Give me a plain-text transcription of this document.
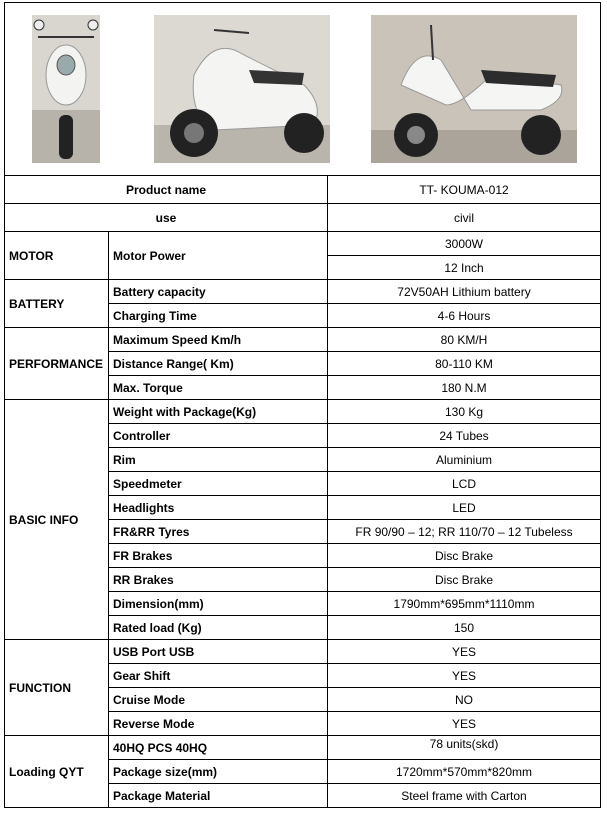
Product name		TT- KOUMA-012
use		civil
MOTOR	Motor Power	3000W
		12 Inch
BATTERY	Battery capacity	72V50AH Lithium battery
	Charging Time	4-6 Hours
PERFORMANCE	Maximum Speed Km/h	80 KM/H
	Distance Range( Km)	80-110 KM
	Max. Torque	180 N.M
BASIC INFO	Weight with Package(Kg)	130 Kg
	Controller	24 Tubes
	Rim	Aluminium
	Speedmeter	LCD
	Headlights	LED
	FR&RR Tyres	FR 90/90 – 12; RR 110/70 – 12 Tubeless
	FR Brakes	Disc Brake
	RR Brakes	Disc Brake
	Dimension(mm)	1790mm*695mm*1110mm
	Rated load (Kg)	150
FUNCTION	USB Port USB	YES
	Gear Shift	YES
	Cruise Mode	NO
	Reverse Mode	YES
Loading QYT	40HQ PCS 40HQ	78 units(skd)
	Package size(mm)	1720mm*570mm*820mm
	Package Material	Steel frame with Carton
